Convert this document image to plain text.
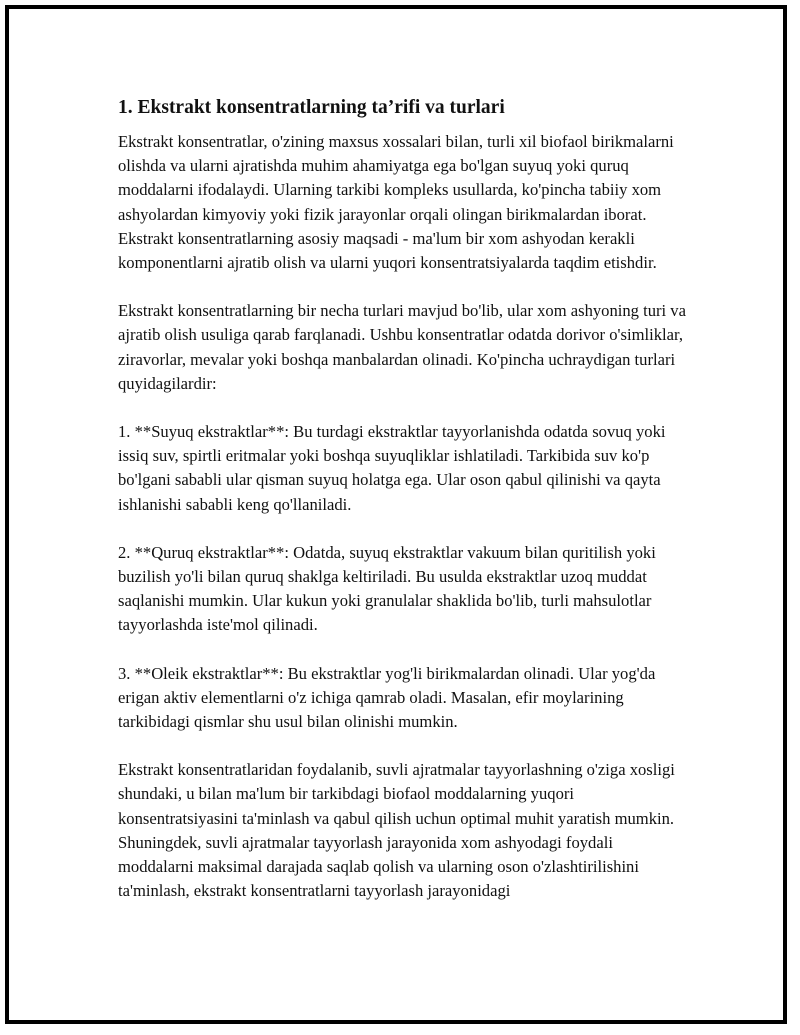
1. Ekstrakt konsentratlarning ta’rifi va turlari

Ekstrakt konsentratlar, o'zining maxsus xossalari bilan, turli xil biofaol birikmalarni olishda va ularni ajratishda muhim ahamiyatga ega bo'lgan suyuq yoki quruq moddalarni ifodalaydi. Ularning tarkibi kompleks usullarda, ko'pincha tabiiy xom ashyolardan kimyoviy yoki fizik jarayonlar orqali olingan birikmalardan iborat. Ekstrakt konsentratlarning asosiy maqsadi - ma'lum bir xom ashyodan kerakli komponentlarni ajratib olish va ularni yuqori konsentratsiyalarda taqdim etishdir.

Ekstrakt konsentratlarning bir necha turlari mavjud bo'lib, ular xom ashyoning turi va ajratib olish usuliga qarab farqlanadi. Ushbu konsentratlar odatda dorivor o'simliklar, ziravorlar, mevalar yoki boshqa manbalardan olinadi. Ko'pincha uchraydigan turlari quyidagilardir:

1. **Suyuq ekstraktlar**: Bu turdagi ekstraktlar tayyorlanishda odatda sovuq yoki issiq suv, spirtli eritmalar yoki boshqa suyuqliklar ishlatiladi. Tarkibida suv ko'p bo'lgani sababli ular qisman suyuq holatga ega. Ular oson qabul qilinishi va qayta ishlanishi sababli keng qo'llaniladi.

2. **Quruq ekstraktlar**: Odatda, suyuq ekstraktlar vakuum bilan quritilish yoki buzilish yo'li bilan quruq shaklga keltiriladi. Bu usulda ekstraktlar uzoq muddat saqlanishi mumkin. Ular kukun yoki granulalar shaklida bo'lib, turli mahsulotlar tayyorlashda iste'mol qilinadi.

3. **Oleik ekstraktlar**: Bu ekstraktlar yog'li birikmalardan olinadi. Ular yog'da erigan aktiv elementlarni o'z ichiga qamrab oladi. Masalan, efir moylarining tarkibidagi qismlar shu usul bilan olinishi mumkin.

Ekstrakt konsentratlaridan foydalanib, suvli ajratmalar tayyorlashning o'ziga xosligi shundaki, u bilan ma'lum bir tarkibdagi biofaol moddalarning yuqori konsentratsiyasini ta'minlash va qabul qilish uchun optimal muhit yaratish mumkin. Shuningdek, suvli ajratmalar tayyorlash jarayonida xom ashyodagi foydali moddalarni maksimal darajada saqlab qolish va ularning oson o'zlashtirilishini ta'minlash, ekstrakt konsentratlarni tayyorlash jarayonidagi
